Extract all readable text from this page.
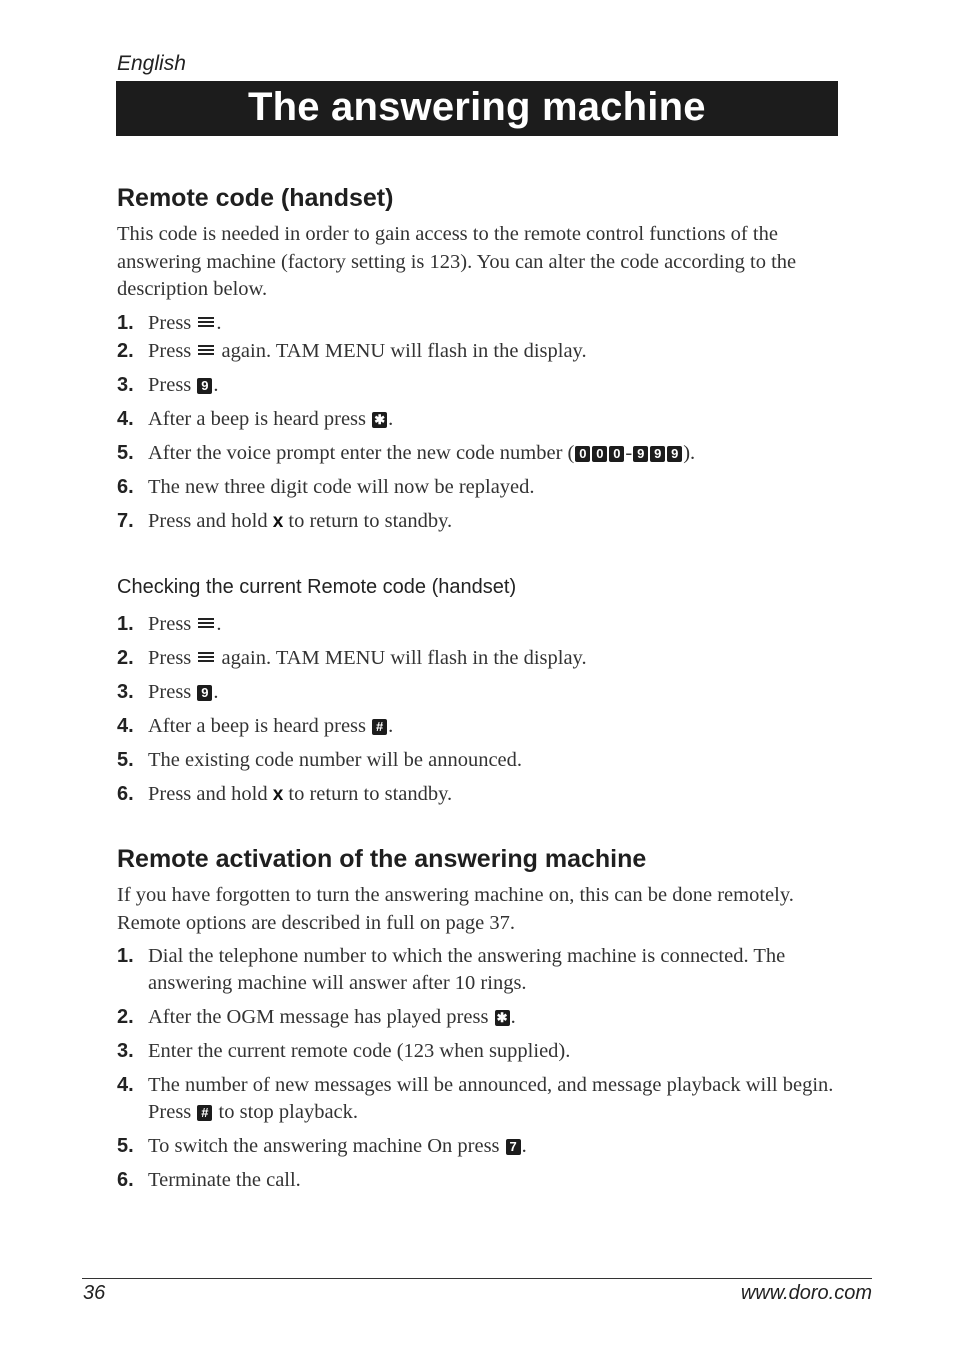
English
The answering machine
Remote code (handset)

This code is needed in order to gain access to the remote control functions of the answering machine (factory setting is 123). You can alter the code according to the description below.

1. Press .
2. Press again. TAM MENU will flash in the display.
3. Press 9 .
4. After a beep is heard press ✱ .
5. After the voice prompt enter the new code number ( 0 0 0 - 9 9 9 ).
6. The new three digit code will now be replayed.
7. Press and hold x to return to standby.
Checking the current Remote code (handset)
1. Press .
2. Press again. TAM MENU will flash in the display.
3. Press 9 .
4. After a beep is heard press # .
5. The existing code number will be announced.
6. Press and hold x to return to standby.
Remote activation of the answering machine

If you have forgotten to turn the answering machine on, this can be done remotely. Remote options are described in full on page 37.

1. Dial the telephone number to which the answering machine is connected. The answering machine will answer after 10 rings.
2. After the OGM message has played press ✱ .
3. Enter the current remote code (123 when supplied).
4. The number of new messages will be announced, and message playback will begin. Press # to stop playback.
5. To switch the answering machine On press 7 .
6. Terminate the call.
36	www.doro.com
